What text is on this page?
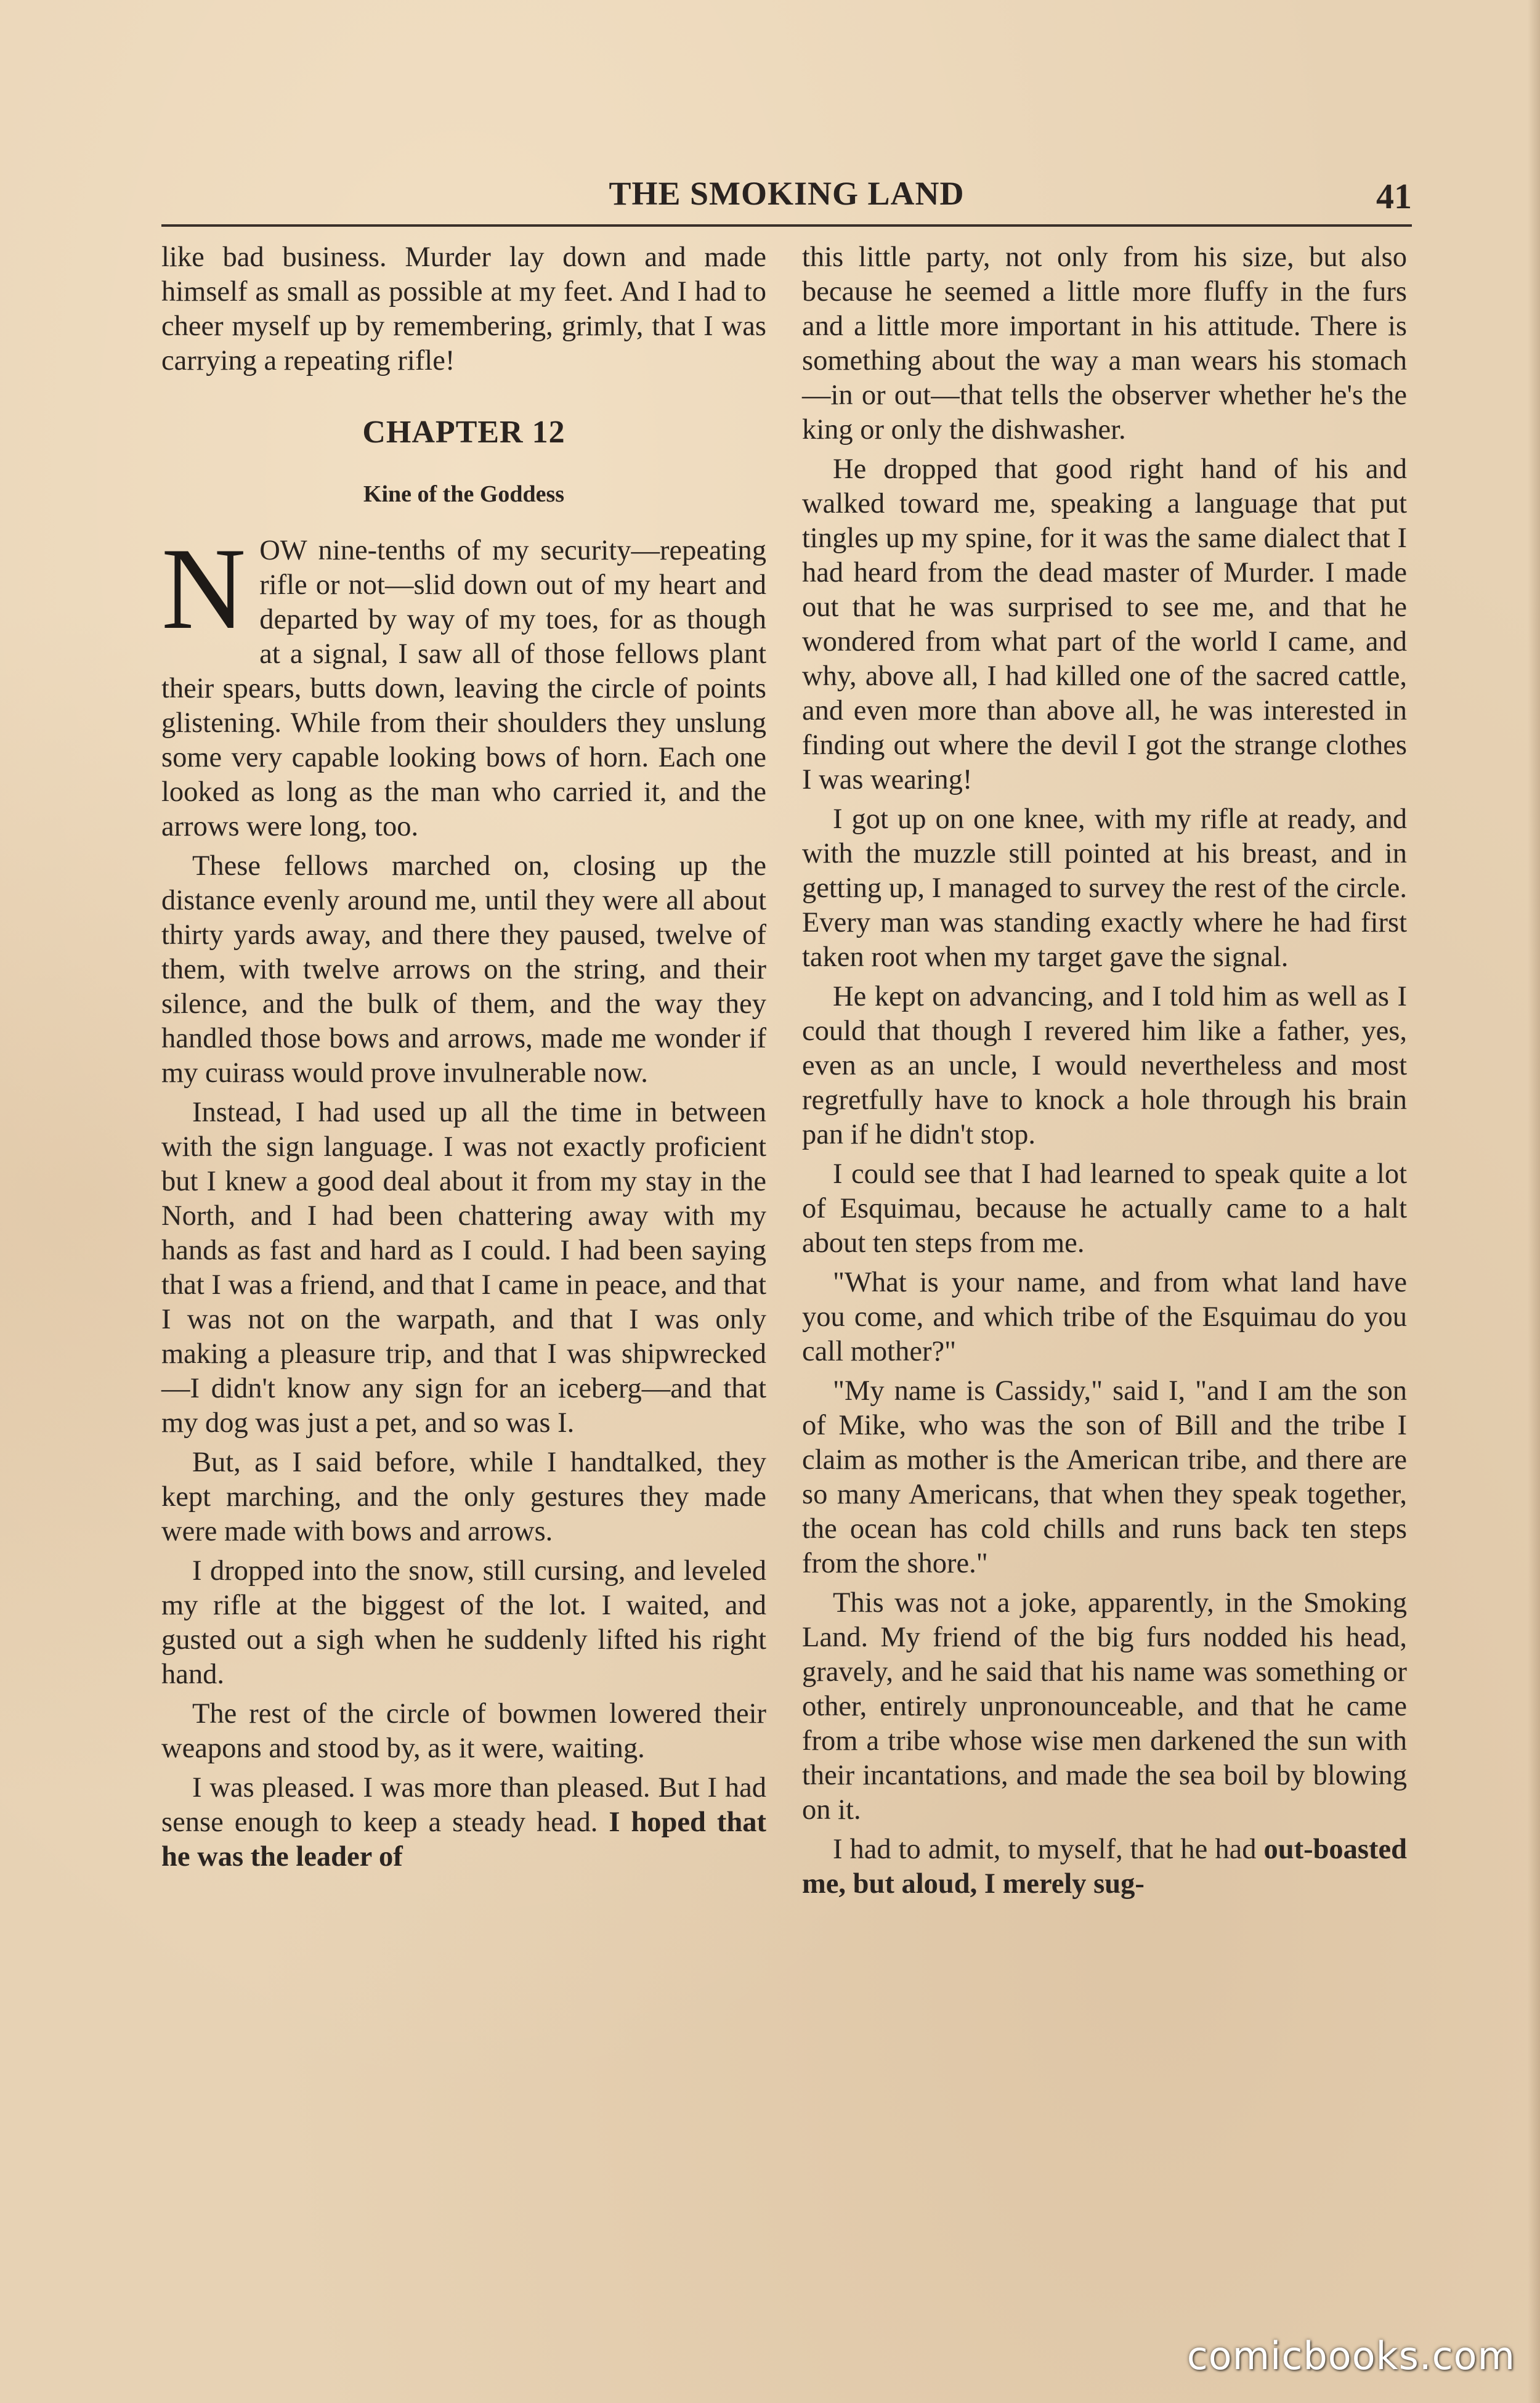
THE SMOKING LAND	41

like bad business. Murder lay down and made himself as small as possible at my feet. And I had to cheer myself up by remembering, grimly, that I was carrying a repeating rifle!

CHAPTER 12
Kine of the Goddess

NOW nine-tenths of my security—repeating rifle or not—slid down out of my heart and departed by way of my toes, for as though at a signal, I saw all of those fellows plant their spears, butts down, leaving the circle of points glistening. While from their shoulders they unslung some very capable looking bows of horn. Each one looked as long as the man who carried it, and the arrows were long, too.

These fellows marched on, closing up the distance evenly around me, until they were all about thirty yards away, and there they paused, twelve of them, with twelve arrows on the string, and their silence, and the bulk of them, and the way they handled those bows and arrows, made me wonder if my cuirass would prove invulnerable now.

Instead, I had used up all the time in between with the sign language. I was not exactly proficient but I knew a good deal about it from my stay in the North, and I had been chattering away with my hands as fast and hard as I could. I had been saying that I was a friend, and that I came in peace, and that I was not on the warpath, and that I was only making a pleasure trip, and that I was shipwrecked—I didn't know any sign for an iceberg—and that my dog was just a pet, and so was I.

But, as I said before, while I handtalked, they kept marching, and the only gestures they made were made with bows and arrows.

I dropped into the snow, still cursing, and leveled my rifle at the biggest of the lot. I waited, and gusted out a sigh when he suddenly lifted his right hand.

The rest of the circle of bowmen lowered their weapons and stood by, as it were, waiting.

I was pleased. I was more than pleased. But I had sense enough to keep a steady head. I hoped that he was the leader of

this little party, not only from his size, but also because he seemed a little more fluffy in the furs and a little more important in his attitude. There is something about the way a man wears his stomach—in or out—that tells the observer whether he's the king or only the dishwasher.

He dropped that good right hand of his and walked toward me, speaking a language that put tingles up my spine, for it was the same dialect that I had heard from the dead master of Murder. I made out that he was surprised to see me, and that he wondered from what part of the world I came, and why, above all, I had killed one of the sacred cattle, and even more than above all, he was interested in finding out where the devil I got the strange clothes I was wearing!

I got up on one knee, with my rifle at ready, and with the muzzle still pointed at his breast, and in getting up, I managed to survey the rest of the circle. Every man was standing exactly where he had first taken root when my target gave the signal.

He kept on advancing, and I told him as well as I could that though I revered him like a father, yes, even as an uncle, I would nevertheless and most regretfully have to knock a hole through his brain pan if he didn't stop.

I could see that I had learned to speak quite a lot of Esquimau, because he actually came to a halt about ten steps from me.

"What is your name, and from what land have you come, and which tribe of the Esquimau do you call mother?"

"My name is Cassidy," said I, "and I am the son of Mike, who was the son of Bill and the tribe I claim as mother is the American tribe, and there are so many Americans, that when they speak together, the ocean has cold chills and runs back ten steps from the shore."

This was not a joke, apparently, in the Smoking Land. My friend of the big furs nodded his head, gravely, and he said that his name was something or other, entirely unpronounceable, and that he came from a tribe whose wise men darkened the sun with their incantations, and made the sea boil by blowing on it.

I had to admit, to myself, that he had out-boasted me, but aloud, I merely sug-

comicbooks.com
